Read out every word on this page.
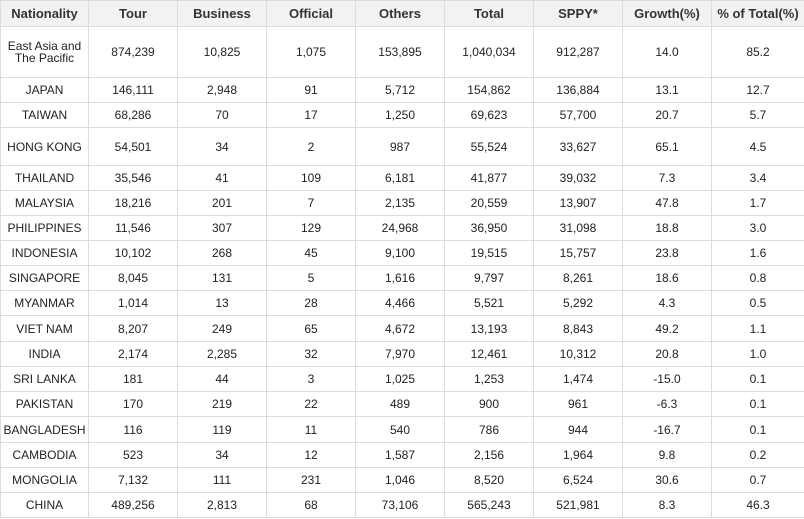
Nationality	Tour	Business	Official	Others	Total	SPPY*	Growth(%)	% of Total(%)
East Asia and The Pacific	874,239	10,825	1,075	153,895	1,040,034	912,287	14.0	85.2
JAPAN	146,111	2,948	91	5,712	154,862	136,884	13.1	12.7
TAIWAN	68,286	70	17	1,250	69,623	57,700	20.7	5.7
HONG KONG	54,501	34	2	987	55,524	33,627	65.1	4.5
THAILAND	35,546	41	109	6,181	41,877	39,032	7.3	3.4
MALAYSIA	18,216	201	7	2,135	20,559	13,907	47.8	1.7
PHILIPPINES	11,546	307	129	24,968	36,950	31,098	18.8	3.0
INDONESIA	10,102	268	45	9,100	19,515	15,757	23.8	1.6
SINGAPORE	8,045	131	5	1,616	9,797	8,261	18.6	0.8
MYANMAR	1,014	13	28	4,466	5,521	5,292	4.3	0.5
VIET NAM	8,207	249	65	4,672	13,193	8,843	49.2	1.1
INDIA	2,174	2,285	32	7,970	12,461	10,312	20.8	1.0
SRI LANKA	181	44	3	1,025	1,253	1,474	-15.0	0.1
PAKISTAN	170	219	22	489	900	961	-6.3	0.1
BANGLADESH	116	119	11	540	786	944	-16.7	0.1
CAMBODIA	523	34	12	1,587	2,156	1,964	9.8	0.2
MONGOLIA	7,132	111	231	1,046	8,520	6,524	30.6	0.7
CHINA	489,256	2,813	68	73,106	565,243	521,981	8.3	46.3
